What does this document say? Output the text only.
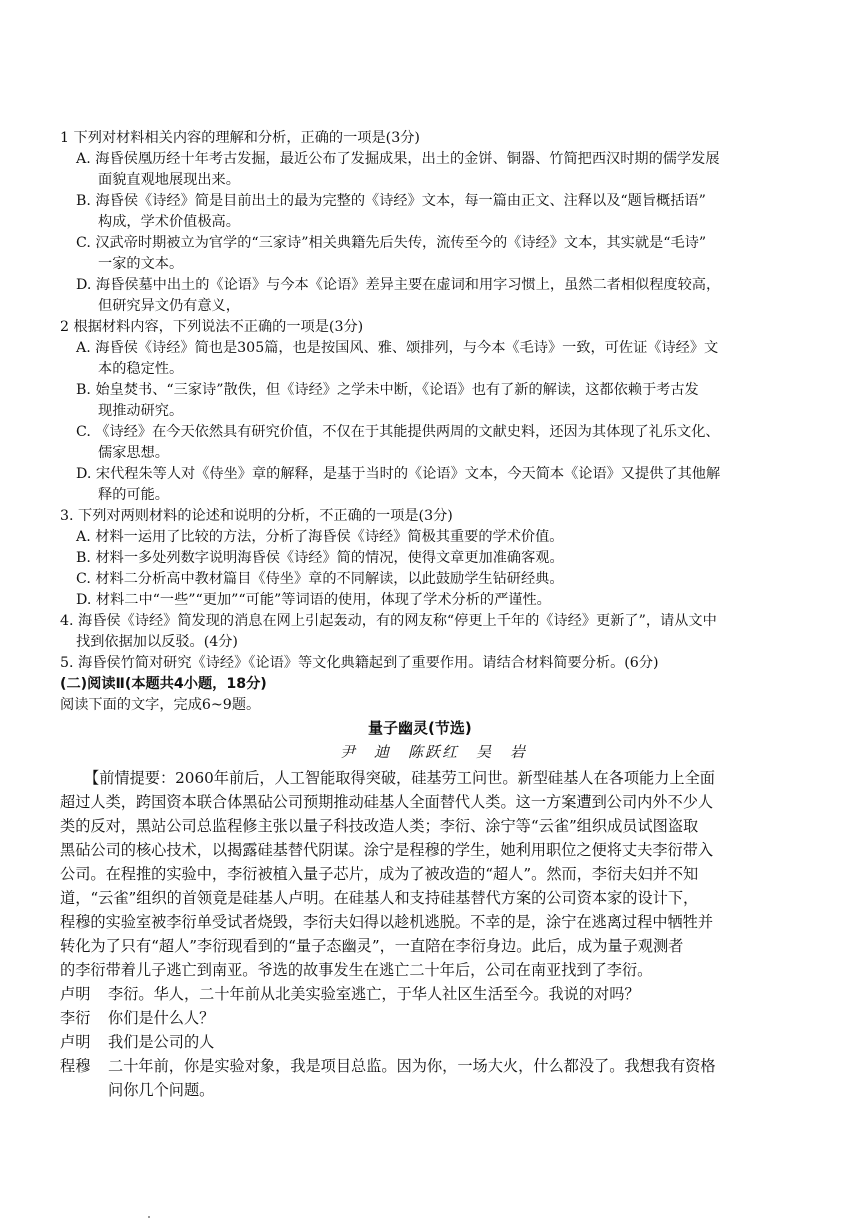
1 下列对材料相关内容的理解和分析，正确的一项是(3分)
A. 海昏侯凰历经十年考古发掘，最近公布了发掘成果，出土的金饼、铜器、竹简把西汉时期的儒学发展
面貌直观地展现出来。
B. 海昏侯《诗经》简是目前出土的最为完整的《诗经》文本，每一篇由正文、注释以及“题旨概括语”
构成，学术价值极高。
C. 汉武帝时期被立为官学的“三家诗”相关典籍先后失传，流传至今的《诗经》文本，其实就是“毛诗”
一家的文本。
D. 海昏侯墓中出土的《论语》与今本《论语》差异主要在虚词和用字习惯上，虽然二者相似程度较高，
但研究异文仍有意义，
2 根据材料内容，下列说法不正确的一项是(3分)
A. 海昏侯《诗经》简也是305篇，也是按国风、雅、颂排列，与今本《毛诗》一致，可佐证《诗经》文
本的稳定性。
B. 始皇焚书、“三家诗”散佚，但《诗经》之学未中断，《论语》也有了新的解读，这都依赖于考古发
现推动研究。
C. 《诗经》在今天依然具有研究价值，不仅在于其能提供两周的文献史料，还因为其体现了礼乐文化、
儒家思想。
D. 宋代程朱等人对《侍坐》章的解释，是基于当时的《论语》文本，今天简本《论语》又提供了其他解
释的可能。
3. 下列对两则材料的论述和说明的分析，不正确的一项是(3分)
A. 材料一运用了比较的方法，分析了海昏侯《诗经》简极其重要的学术价值。
B. 材料一多处列数字说明海昏侯《诗经》简的情况，使得文章更加准确客观。
C. 材料二分析高中教材篇目《侍坐》章的不同解读，以此鼓励学生钻研经典。
D. 材料二中“一些”“更加”“可能”等词语的使用，体现了学术分析的严谨性。
4. 海昏侯《诗经》简发现的消息在网上引起轰动，有的网友称“停更上千年的《诗经》更新了”，请从文中
找到依据加以反驳。(4分)
5. 海昏侯竹简对研究《诗经》《论语》等文化典籍起到了重要作用。请结合材料简要分析。(6分)
(二)阅读Ⅱ(本题共4小题，18分)
阅读下面的文字，完成6~9题。
量子幽灵(节选)
尹　迪　陈跃红　吴　岩
【前情提要：2060年前后，人工智能取得突破，硅基劳工问世。新型硅基人在各项能力上全面
超过人类，跨国资本联合体黑砧公司预期推动硅基人全面替代人类。这一方案遭到公司内外不少人
类的反对，黑站公司总监程修主张以量子科技改造人类；李衍、涂宁等“云雀”组织成员试图盗取
黑砧公司的核心技术，以揭露硅基替代阴谋。涂宁是程穆的学生，她利用职位之便将丈夫李衍带入
公司。在程推的实验中，李衍被植入量子芯片，成为了被改造的“超人”。然而，李衍夫妇并不知
道，“云雀”组织的首领竟是硅基人卢明。在硅基人和支持硅基替代方案的公司资本家的设计下，
程穆的实验室被李衍单受试者烧毁，李衍夫妇得以趁机逃脱。不幸的是，涂宁在逃离过程中牺牲并
转化为了只有“超人”李衍现看到的“量子态幽灵”，一直陪在李衍身边。此后，成为量子观测者
的李衍带着儿子逃亡到南亚。爷选的故事发生在逃亡二十年后，公司在南亚找到了李衍。
卢明 李衍。华人，二十年前从北美实验室逃亡，于华人社区生活至今。我说的对吗？
李衍 你们是什么人？
卢明 我们是公司的人
程穆 二十年前，你是实验对象，我是项目总监。因为你，一场大火，什么都没了。我想我有资格
问你几个问题。
